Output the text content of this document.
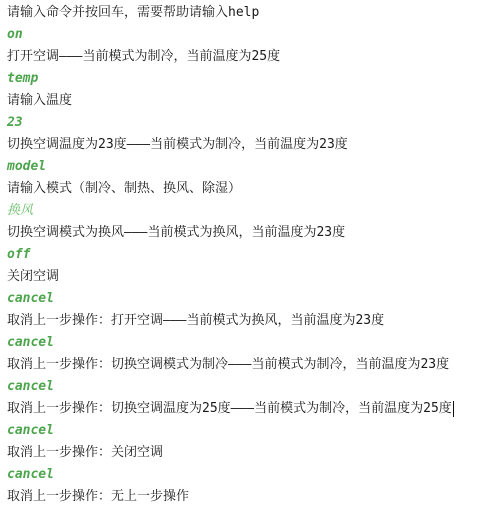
请输入命令并按回车，需要帮助请输入help
on
打开空调———当前模式为制冷，当前温度为25度
temp
请输入温度
23
切换空调温度为23度———当前模式为制冷，当前温度为23度
model
请输入模式（制冷、制热、换风、除湿）
换风
切换空调模式为换风———当前模式为换风，当前温度为23度
off
关闭空调
cancel
取消上一步操作：打开空调———当前模式为换风，当前温度为23度
cancel
取消上一步操作：切换空调模式为制冷———当前模式为制冷，当前温度为23度
cancel
取消上一步操作：切换空调温度为25度———当前模式为制冷，当前温度为25度
cancel
取消上一步操作：关闭空调
cancel
取消上一步操作：无上一步操作
